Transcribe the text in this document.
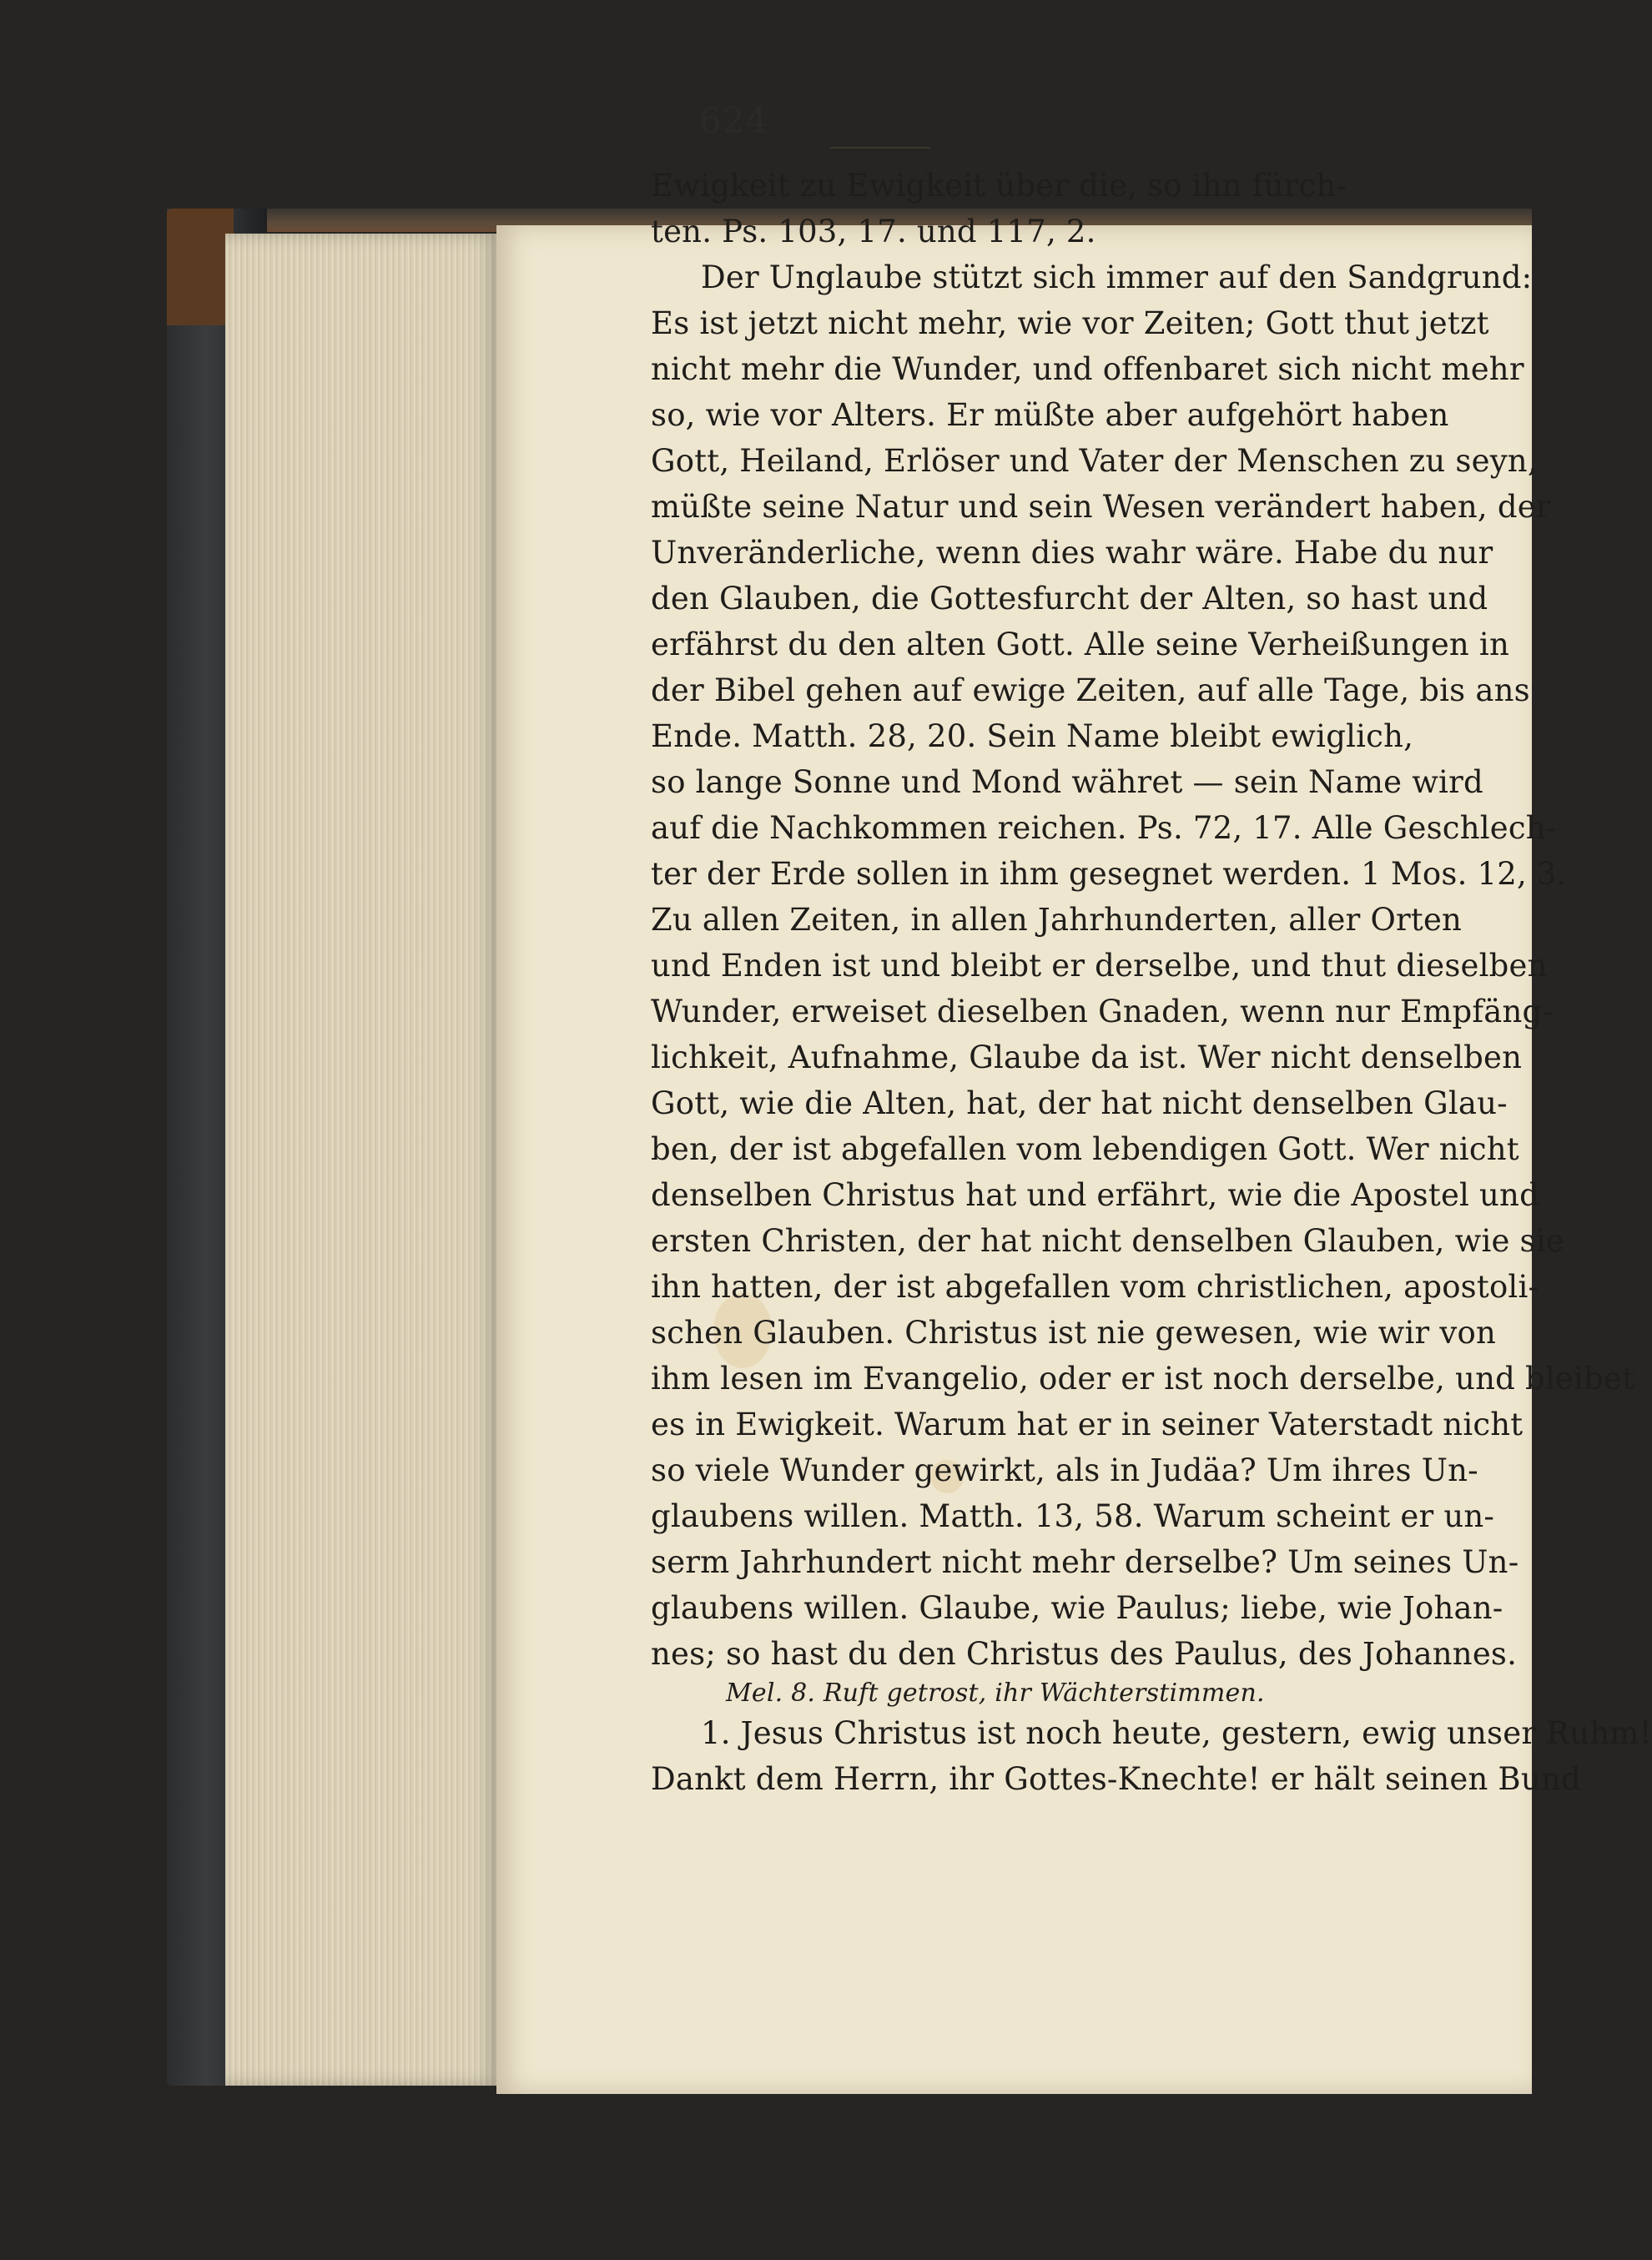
624
Ewigkeit zu Ewigkeit über die, so ihn fürch-
ten. Ps. 103, 17. und 117, 2.
Der Unglaube stützt sich immer auf den Sandgrund:
Es ist jetzt nicht mehr, wie vor Zeiten; Gott thut jetzt
nicht mehr die Wunder, und offenbaret sich nicht mehr
so, wie vor Alters. Er müßte aber aufgehört haben
Gott, Heiland, Erlöser und Vater der Menschen zu seyn,
müßte seine Natur und sein Wesen verändert haben, der
Unveränderliche, wenn dies wahr wäre. Habe du nur
den Glauben, die Gottesfurcht der Alten, so hast und
erfährst du den alten Gott. Alle seine Verheißungen in
der Bibel gehen auf ewige Zeiten, auf alle Tage, bis ans
Ende. Matth. 28, 20. Sein Name bleibt ewiglich,
so lange Sonne und Mond währet — sein Name wird
auf die Nachkommen reichen. Ps. 72, 17. Alle Geschlech-
ter der Erde sollen in ihm gesegnet werden. 1 Mos. 12, 3.
Zu allen Zeiten, in allen Jahrhunderten, aller Orten
und Enden ist und bleibt er derselbe, und thut dieselben
Wunder, erweiset dieselben Gnaden, wenn nur Empfäng-
lichkeit, Aufnahme, Glaube da ist. Wer nicht denselben
Gott, wie die Alten, hat, der hat nicht denselben Glau-
ben, der ist abgefallen vom lebendigen Gott. Wer nicht
denselben Christus hat und erfährt, wie die Apostel und
ersten Christen, der hat nicht denselben Glauben, wie sie
ihn hatten, der ist abgefallen vom christlichen, apostoli-
schen Glauben. Christus ist nie gewesen, wie wir von
ihm lesen im Evangelio, oder er ist noch derselbe, und bleibet
es in Ewigkeit. Warum hat er in seiner Vaterstadt nicht
so viele Wunder gewirkt, als in Judäa? Um ihres Un-
glaubens willen. Matth. 13, 58. Warum scheint er un-
serm Jahrhundert nicht mehr derselbe? Um seines Un-
glaubens willen. Glaube, wie Paulus; liebe, wie Johan-
nes; so hast du den Christus des Paulus, des Johannes.
Mel. 8. Ruft getrost, ihr Wächterstimmen.
1. Jesus Christus ist noch heute, gestern, ewig unser Ruhm!
Dankt dem Herrn, ihr Gottes-Knechte! er hält seinen Bund
